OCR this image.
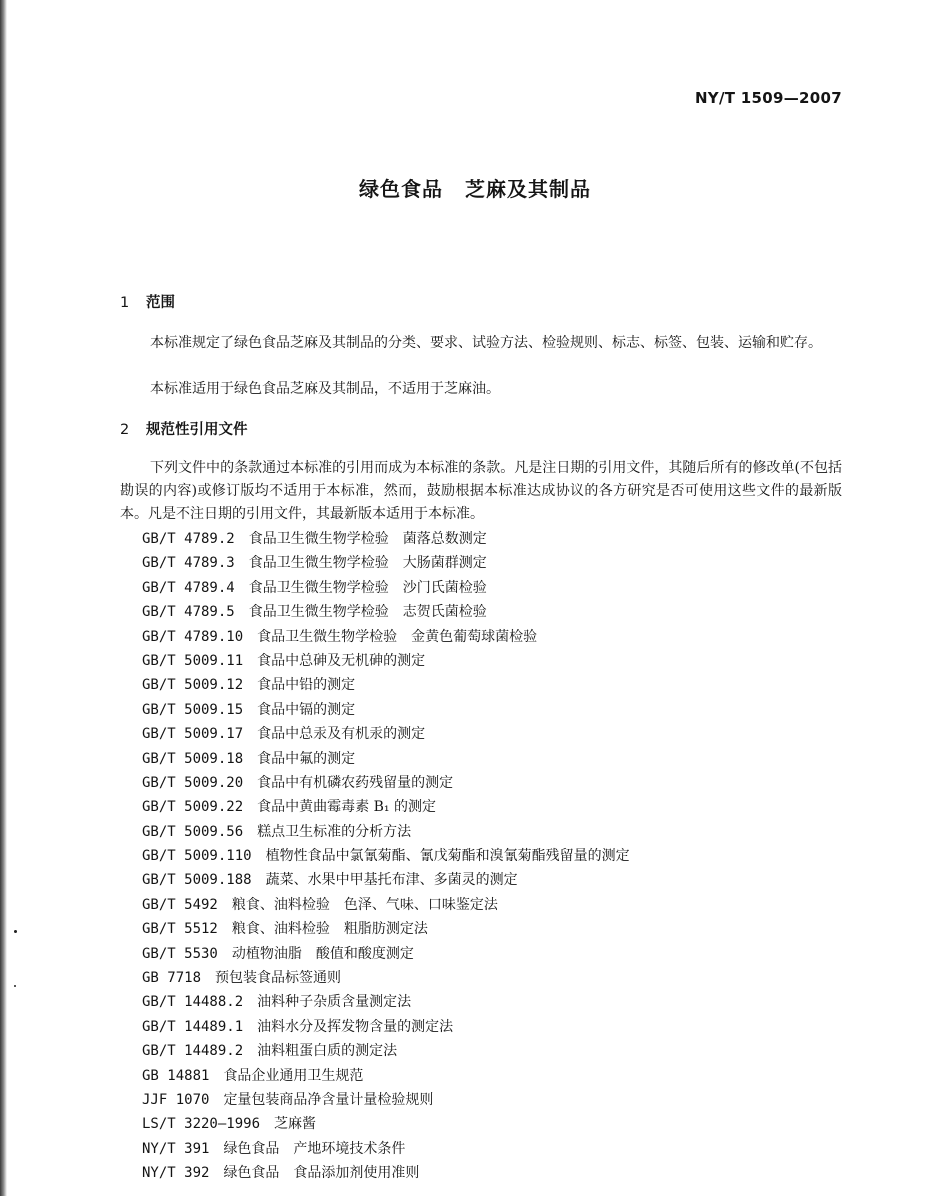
NY/T 1509—2007
绿色食品 芝麻及其制品
1 范围
本标准规定了绿色食品芝麻及其制品的分类、要求、试验方法、检验规则、标志、标签、包装、运输和贮存。
本标准适用于绿色食品芝麻及其制品，不适用于芝麻油。
2 规范性引用文件
下列文件中的条款通过本标准的引用而成为本标准的条款。凡是注日期的引用文件，其随后所有的修改单(不包括勘误的内容)或修订版均不适用于本标准，然而，鼓励根据本标准达成协议的各方研究是否可使用这些文件的最新版本。凡是不注日期的引用文件，其最新版本适用于本标准。
GB/T 4789.2 食品卫生微生物学检验　菌落总数测定
GB/T 4789.3 食品卫生微生物学检验　大肠菌群测定
GB/T 4789.4 食品卫生微生物学检验　沙门氏菌检验
GB/T 4789.5 食品卫生微生物学检验　志贺氏菌检验
GB/T 4789.10 食品卫生微生物学检验　金黄色葡萄球菌检验
GB/T 5009.11 食品中总砷及无机砷的测定
GB/T 5009.12 食品中铅的测定
GB/T 5009.15 食品中镉的测定
GB/T 5009.17 食品中总汞及有机汞的测定
GB/T 5009.18 食品中氟的测定
GB/T 5009.20 食品中有机磷农药残留量的测定
GB/T 5009.22 食品中黄曲霉毒素 B₁ 的测定
GB/T 5009.56 糕点卫生标准的分析方法
GB/T 5009.110 植物性食品中氯氰菊酯、氰戊菊酯和溴氰菊酯残留量的测定
GB/T 5009.188 蔬菜、水果中甲基托布津、多菌灵的测定
GB/T 5492 粮食、油料检验　色泽、气味、口味鉴定法
GB/T 5512 粮食、油料检验　粗脂肪测定法
GB/T 5530 动植物油脂　酸值和酸度测定
GB 7718 预包装食品标签通则
GB/T 14488.2 油料种子杂质含量测定法
GB/T 14489.1 油料水分及挥发物含量的测定法
GB/T 14489.2 油料粗蛋白质的测定法
GB 14881 食品企业通用卫生规范
JJF 1070 定量包装商品净含量计量检验规则
LS/T 3220—1996 芝麻酱
NY/T 391 绿色食品　产地环境技术条件
NY/T 392 绿色食品　食品添加剂使用准则
